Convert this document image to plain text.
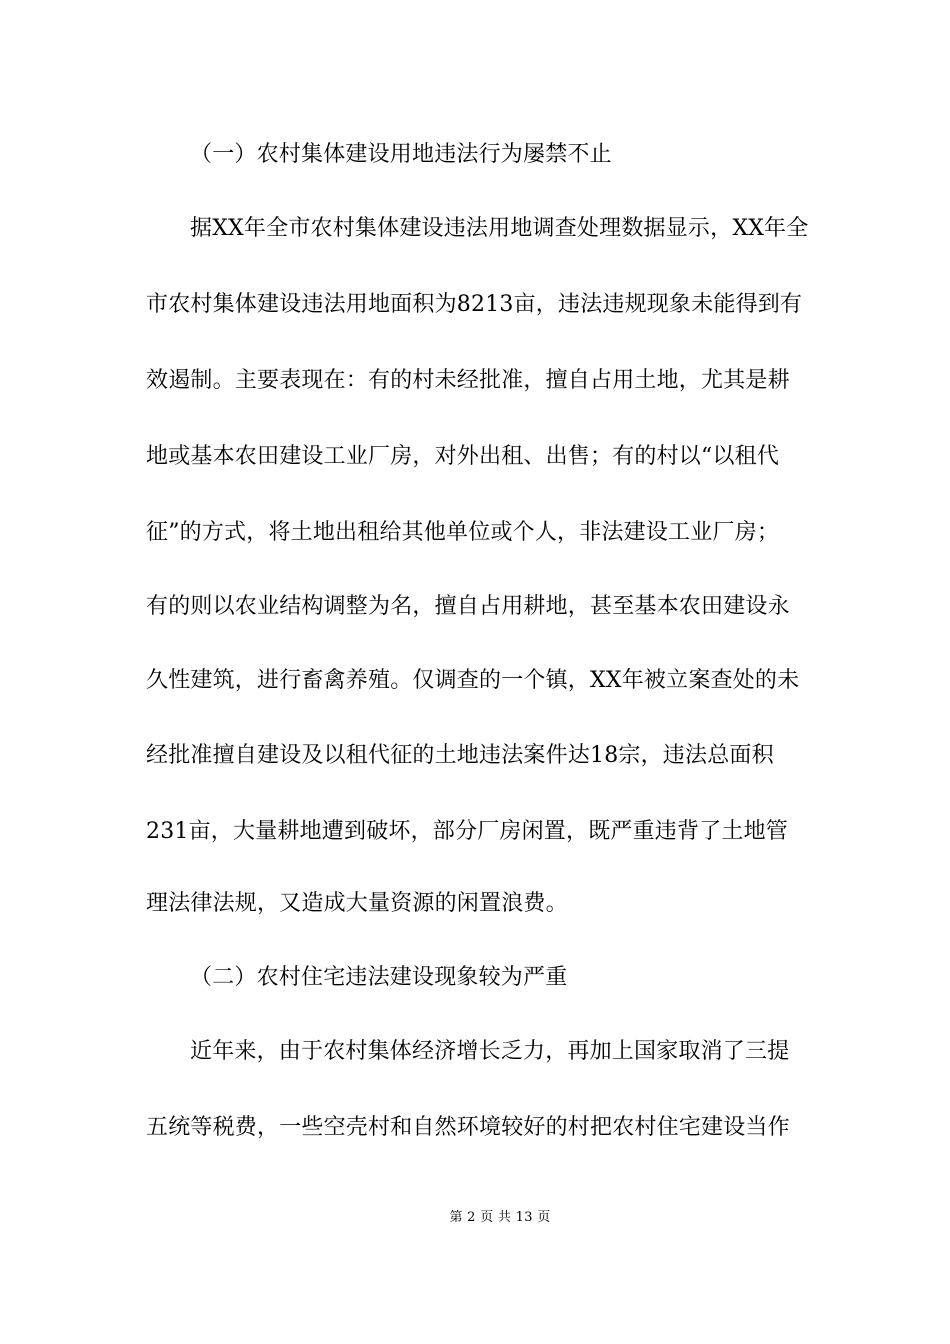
（一）农村集体建设用地违法行为屡禁不止
据XX年全市农村集体建设违法用地调查处理数据显示，XX年全
市农村集体建设违法用地面积为8213亩，违法违规现象未能得到有
效遏制。主要表现在：有的村未经批准，擅自占用土地，尤其是耕
地或基本农田建设工业厂房，对外出租、出售；有的村以“以租代
征”的方式，将土地出租给其他单位或个人，非法建设工业厂房；
有的则以农业结构调整为名，擅自占用耕地，甚至基本农田建设永
久性建筑，进行畜禽养殖。仅调查的一个镇，XX年被立案查处的未
经批准擅自建设及以租代征的土地违法案件达18宗，违法总面积
231亩，大量耕地遭到破坏，部分厂房闲置，既严重违背了土地管
理法律法规，又造成大量资源的闲置浪费。
（二）农村住宅违法建设现象较为严重
近年来，由于农村集体经济增长乏力，再加上国家取消了三提
五统等税费，一些空壳村和自然环境较好的村把农村住宅建设当作
第 2 页 共 13 页
